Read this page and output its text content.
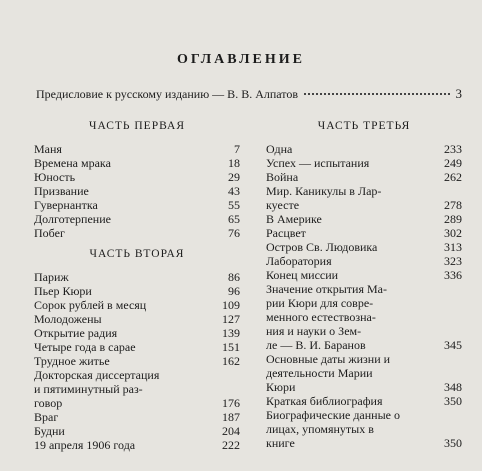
ОГЛАВЛЕНИЕ
Предисловие к русскому изданию — В. В. Алпатов	3
ЧАСТЬ ПЕРВАЯ
Маня	7
Времена мрака	18
Юность	29
Призвание	43
Гувернантка	55
Долготерпение	65
Побег	76
ЧАСТЬ ВТОРАЯ
Париж	86
Пьер Кюри	96
Сорок рублей в месяц	109
Молодожены	127
Открытие радия	139
Четыре года в сарае	151
Трудное житье	162
Докторская диссертация
и пятиминутный раз-
говор	176
Враг	187
Будни	204
19 апреля 1906 года	222
ЧАСТЬ ТРЕТЬЯ
Одна	233
Успех — испытания	249
Война	262
Мир. Каникулы в Лар-
куесте	278
В Америке	289
Расцвет	302
Остров Св. Людовика	313
Лаборатория	323
Конец миссии	336
Значение открытия Ма-
рии Кюри для совре-
менного естествозна-
ния и науки о Зем-
ле — В. И. Баранов	345
Основные даты жизни и
деятельности Марии
Кюри	348
Краткая библиография	350
Биографические данные о
лицах, упомянутых в
книге	350
